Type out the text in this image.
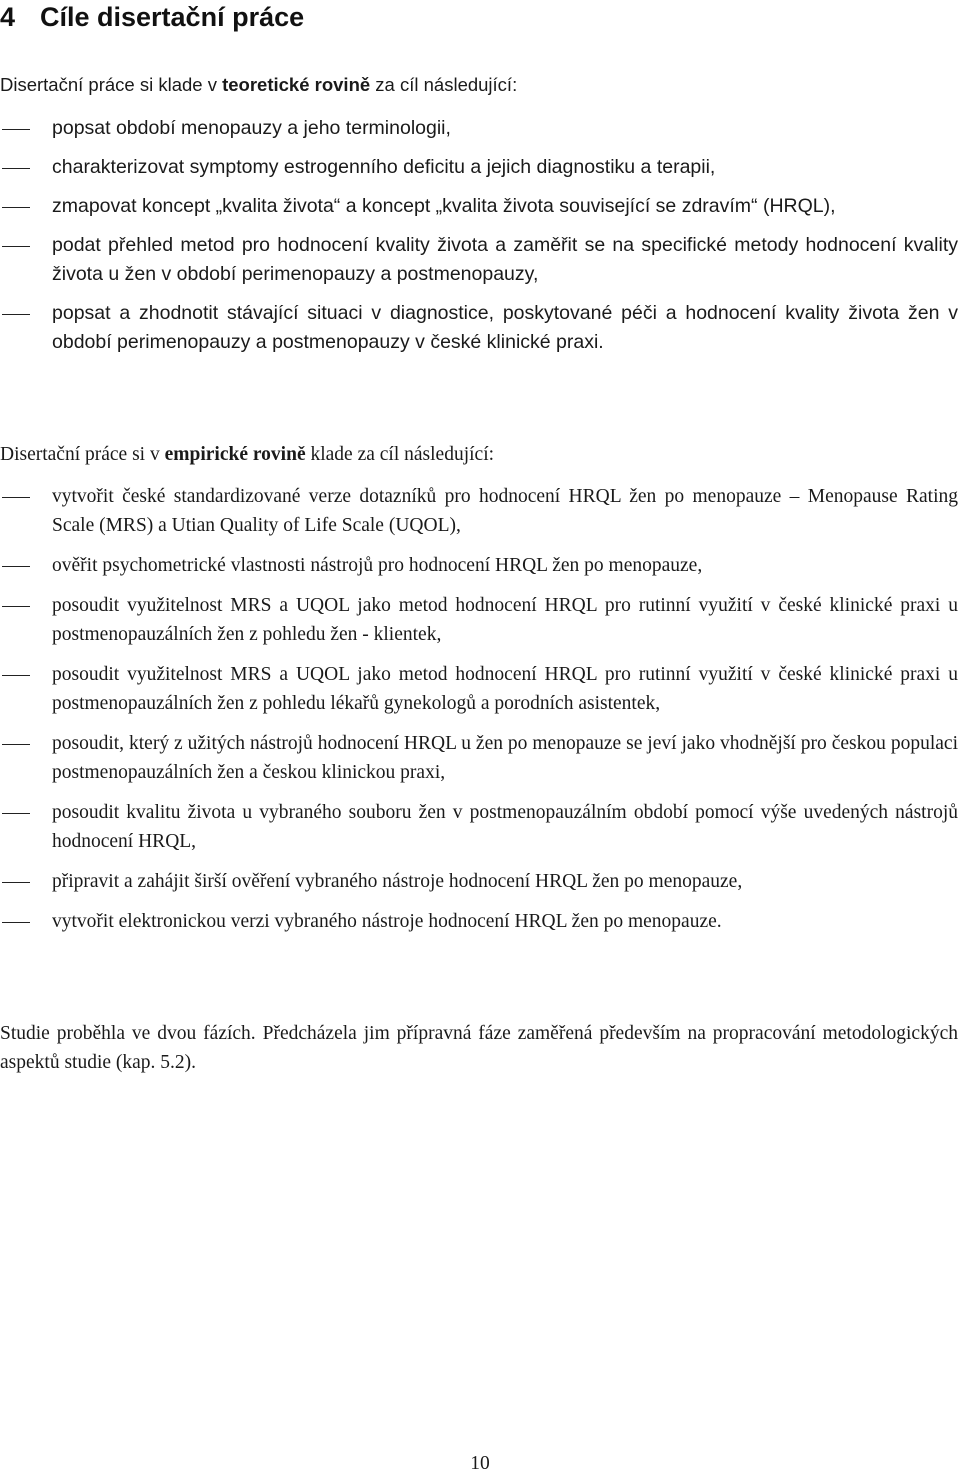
4 Cíle disertační práce

Disertační práce si klade v teoretické rovině za cíl následující:

popsat období menopauzy a jeho terminologii,
charakterizovat symptomy estrogenního deficitu a jejich diagnostiku a terapii,
zmapovat koncept „kvalita života“ a koncept „kvalita života související se zdravím“ (HRQL),
podat přehled metod pro hodnocení kvality života a zaměřit se na specifické metody hodnocení kvality života u žen v období perimenopauzy a postmenopauzy,
popsat a zhodnotit stávající situaci v diagnostice, poskytované péči a hodnocení kvality života žen v období perimenopauzy a postmenopauzy v české klinické praxi.

Disertační práce si v empirické rovině klade za cíl následující:

vytvořit české standardizované verze dotazníků pro hodnocení HRQL žen po menopauze – Menopause Rating Scale (MRS) a Utian Quality of Life Scale (UQOL),
ověřit psychometrické vlastnosti nástrojů pro hodnocení HRQL žen po menopauze,
posoudit využitelnost MRS a UQOL jako metod hodnocení HRQL pro rutinní využití v české klinické praxi u postmenopauzálních žen z pohledu žen - klientek,
posoudit využitelnost MRS a UQOL jako metod hodnocení HRQL pro rutinní využití v české klinické praxi u postmenopauzálních žen z pohledu lékařů gynekologů a porodních asistentek,
posoudit, který z užitých nástrojů hodnocení HRQL u žen po menopauze se jeví jako vhodnější pro českou populaci postmenopauzálních žen a českou klinickou praxi,
posoudit kvalitu života u vybraného souboru žen v postmenopauzálním období pomocí výše uvedených nástrojů hodnocení HRQL,
připravit a zahájit širší ověření vybraného nástroje hodnocení HRQL žen po menopauze,
vytvořit elektronickou verzi vybraného nástroje hodnocení HRQL žen po menopauze.

Studie proběhla ve dvou fázích. Předcházela jim přípravná fáze zaměřená především na propracování metodologických aspektů studie (kap. 5.2).

10
